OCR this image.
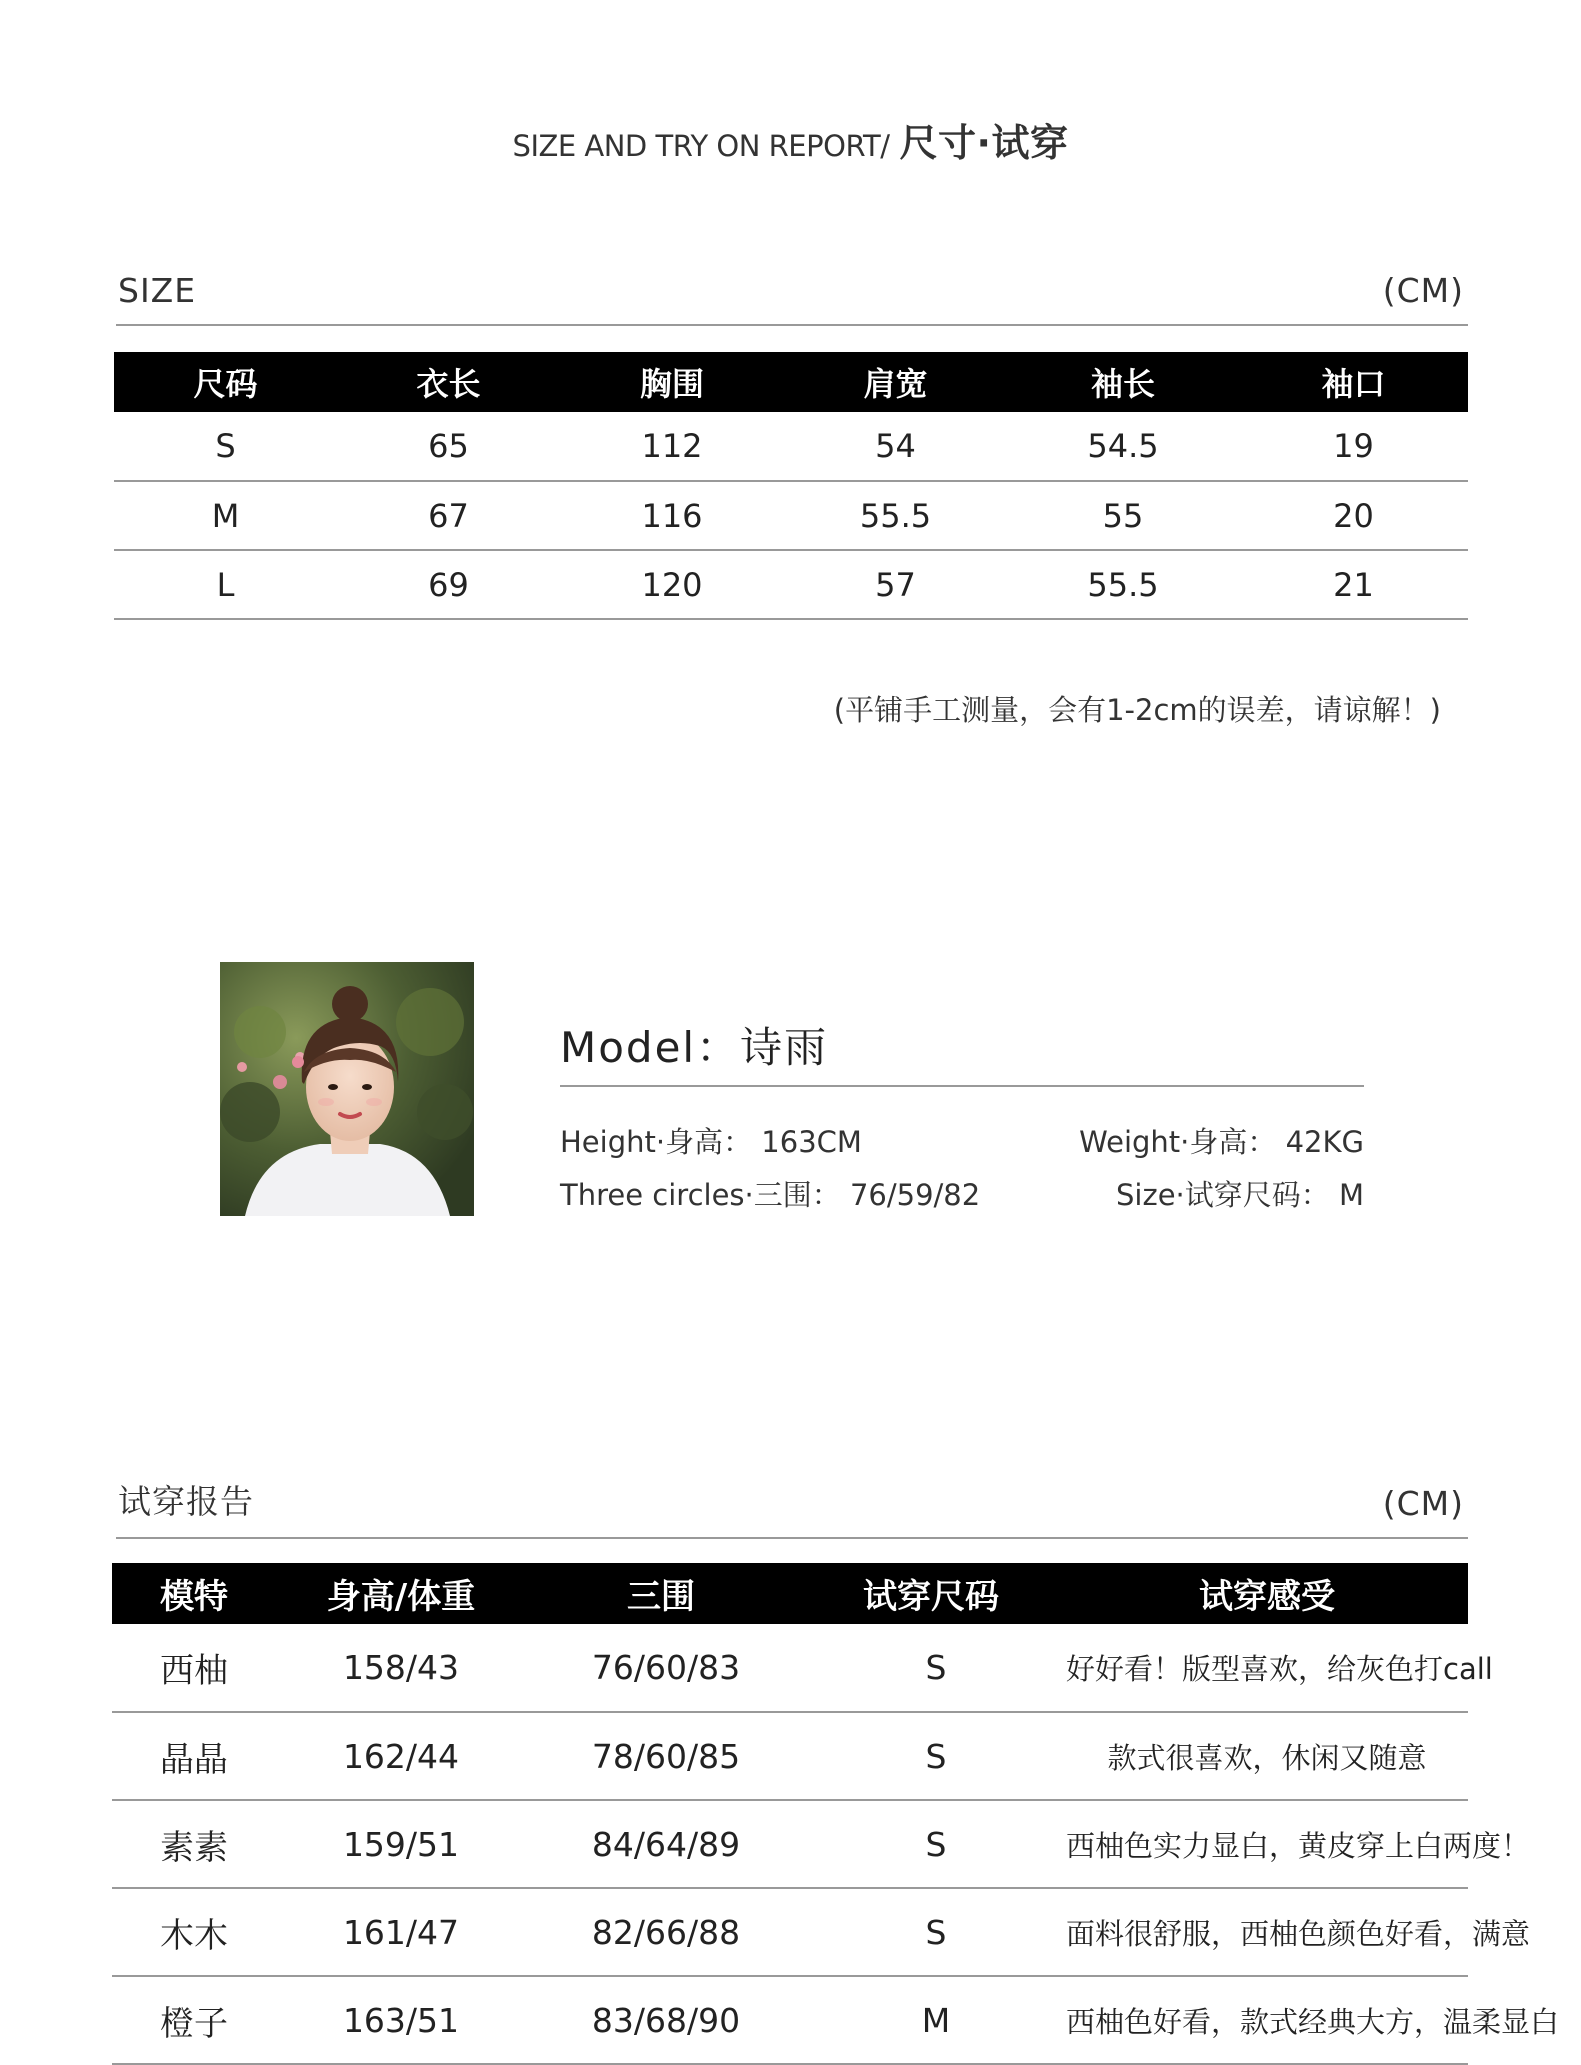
SIZE AND TRY ON REPORT/ 尺寸·试穿
SIZE	(CM)
尺码	衣长	胸围	肩宽	袖长	袖口
S	65	112	54	54.5	19
M	67	116	55.5	55	20
L	69	120	57	55.5	21
(平铺手工测量，会有1-2cm的误差，请谅解！)
Model：诗雨
Height·身高： 163CM	Weight·身高： 42KG
Three circles·三围： 76/59/82	Size·试穿尺码： M
试穿报告	(CM)
模特	身高/体重	三围	试穿尺码	试穿感受
西柚	158/43	76/60/83	S	好好看！版型喜欢，给灰色打call
晶晶	162/44	78/60/85	S	款式很喜欢，休闲又随意
素素	159/51	84/64/89	S	西柚色实力显白，黄皮穿上白两度！
木木	161/47	82/66/88	S	面料很舒服，西柚色颜色好看，满意
橙子	163/51	83/68/90	M	西柚色好看，款式经典大方，温柔显白
